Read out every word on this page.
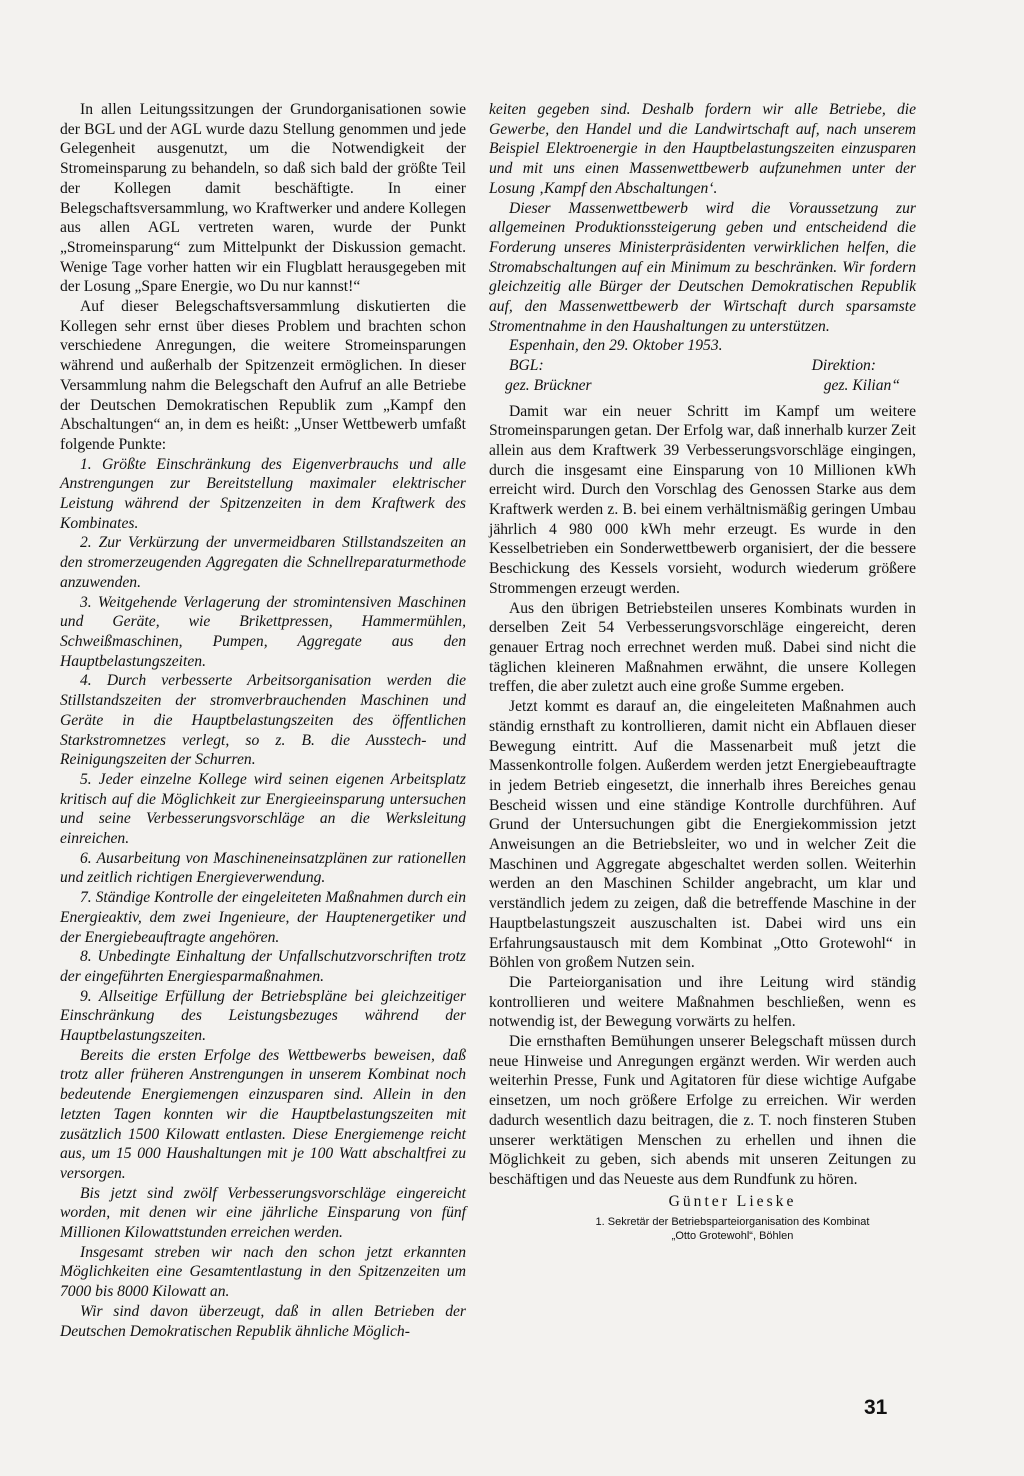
In allen Leitungssitzungen der Grundorganisationen sowie der BGL und der AGL wurde dazu Stellung genommen und jede Gelegenheit ausgenutzt, um die Notwendigkeit der Stromeinsparung zu behandeln, so daß sich bald der größte Teil der Kollegen damit beschäftigte. In einer Belegschaftsversammlung, wo Kraftwerker und andere Kollegen aus allen AGL vertreten waren, wurde der Punkt „Stromeinsparung“ zum Mittelpunkt der Diskussion gemacht. Wenige Tage vorher hatten wir ein Flugblatt herausgegeben mit der Losung „Spare Energie, wo Du nur kannst!“

Auf dieser Belegschaftsversammlung diskutierten die Kollegen sehr ernst über dieses Problem und brachten schon verschiedene Anregungen, die weitere Stromeinsparungen während und außerhalb der Spitzenzeit ermöglichen. In dieser Versammlung nahm die Belegschaft den Aufruf an alle Betriebe der Deutschen Demokratischen Republik zum „Kampf den Abschaltungen“ an, in dem es heißt: „Unser Wettbewerb umfaßt folgende Punkte:

1. Größte Einschränkung des Eigenverbrauchs und alle Anstrengungen zur Bereitstellung maximaler elektrischer Leistung während der Spitzenzeiten in dem Kraftwerk des Kombinates.

2. Zur Verkürzung der unvermeidbaren Stillstandszeiten an den stromerzeugenden Aggregaten die Schnellreparaturmethode anzuwenden.

3. Weitgehende Verlagerung der stromintensiven Maschinen und Geräte, wie Brikettpressen, Hammermühlen, Schweißmaschinen, Pumpen, Aggregate aus den Hauptbelastungszeiten.

4. Durch verbesserte Arbeitsorganisation werden die Stillstandszeiten der stromverbrauchenden Maschinen und Geräte in die Hauptbelastungszeiten des öffentlichen Starkstromnetzes verlegt, so z. B. die Ausstech- und Reinigungszeiten der Schurren.

5. Jeder einzelne Kollege wird seinen eigenen Arbeitsplatz kritisch auf die Möglichkeit zur Energieeinsparung untersuchen und seine Verbesserungsvorschläge an die Werksleitung einreichen.

6. Ausarbeitung von Maschineneinsatzplänen zur rationellen und zeitlich richtigen Energieverwendung.

7. Ständige Kontrolle der eingeleiteten Maßnahmen durch ein Energieaktiv, dem zwei Ingenieure, der Hauptenergetiker und der Energiebeauftragte angehören.

8. Unbedingte Einhaltung der Unfallschutzvorschriften trotz der eingeführten Energiesparmaßnahmen.

9. Allseitige Erfüllung der Betriebspläne bei gleichzeitiger Einschränkung des Leistungsbezuges während der Hauptbelastungszeiten.

Bereits die ersten Erfolge des Wettbewerbs beweisen, daß trotz aller früheren Anstrengungen in unserem Kombinat noch bedeutende Energiemengen einzusparen sind. Allein in den letzten Tagen konnten wir die Hauptbelastungszeiten mit zusätzlich 1500 Kilowatt entlasten. Diese Energiemenge reicht aus, um 15 000 Haushaltungen mit je 100 Watt abschaltfrei zu versorgen.

Bis jetzt sind zwölf Verbesserungsvorschläge eingereicht worden, mit denen wir eine jährliche Einsparung von fünf Millionen Kilowattstunden erreichen werden.

Insgesamt streben wir nach den schon jetzt erkannten Möglichkeiten eine Gesamtentlastung in den Spitzenzeiten um 7000 bis 8000 Kilowatt an.

Wir sind davon überzeugt, daß in allen Betrieben der Deutschen Demokratischen Republik ähnliche Möglich-

keiten gegeben sind. Deshalb fordern wir alle Betriebe, die Gewerbe, den Handel und die Landwirtschaft auf, nach unserem Beispiel Elektroenergie in den Hauptbelastungszeiten einzusparen und mit uns einen Massenwettbewerb aufzunehmen unter der Losung ‚Kampf den Abschaltungen‘.

Dieser Massenwettbewerb wird die Voraussetzung zur allgemeinen Produktionssteigerung geben und entscheidend die Forderung unseres Ministerpräsidenten verwirklichen helfen, die Stromabschaltungen auf ein Minimum zu beschränken. Wir fordern gleichzeitig alle Bürger der Deutschen Demokratischen Republik auf, den Massenwettbewerb der Wirtschaft durch sparsamste Stromentnahme in den Haushaltungen zu unterstützen.

Espenhain, den 29. Oktober 1953.
BGL:	Direktion:
gez. Brückner	gez. Kilian“

Damit war ein neuer Schritt im Kampf um weitere Stromeinsparungen getan. Der Erfolg war, daß innerhalb kurzer Zeit allein aus dem Kraftwerk 39 Verbesserungsvorschläge eingingen, durch die insgesamt eine Einsparung von 10 Millionen kWh erreicht wird. Durch den Vorschlag des Genossen Starke aus dem Kraftwerk werden z. B. bei einem verhältnismäßig geringen Umbau jährlich 4 980 000 kWh mehr erzeugt. Es wurde in den Kesselbetrieben ein Sonderwettbewerb organisiert, der die bessere Beschickung des Kessels vorsieht, wodurch wiederum größere Strommengen erzeugt werden.

Aus den übrigen Betriebsteilen unseres Kombinats wurden in derselben Zeit 54 Verbesserungsvorschläge eingereicht, deren genauer Ertrag noch errechnet werden muß. Dabei sind nicht die täglichen kleineren Maßnahmen erwähnt, die unsere Kollegen treffen, die aber zuletzt auch eine große Summe ergeben.

Jetzt kommt es darauf an, die eingeleiteten Maßnahmen auch ständig ernsthaft zu kontrollieren, damit nicht ein Abflauen dieser Bewegung eintritt. Auf die Massenarbeit muß jetzt die Massenkontrolle folgen. Außerdem werden jetzt Energiebeauftragte in jedem Betrieb eingesetzt, die innerhalb ihres Bereiches genau Bescheid wissen und eine ständige Kontrolle durchführen. Auf Grund der Untersuchungen gibt die Energiekommission jetzt Anweisungen an die Betriebsleiter, wo und in welcher Zeit die Maschinen und Aggregate abgeschaltet werden sollen. Weiterhin werden an den Maschinen Schilder angebracht, um klar und verständlich jedem zu zeigen, daß die betreffende Maschine in der Hauptbelastungszeit auszuschalten ist. Dabei wird uns ein Erfahrungsaustausch mit dem Kombinat „Otto Grotewohl“ in Böhlen von großem Nutzen sein.

Die Parteiorganisation und ihre Leitung wird ständig kontrollieren und weitere Maßnahmen beschließen, wenn es notwendig ist, der Bewegung vorwärts zu helfen.

Die ernsthaften Bemühungen unserer Belegschaft müssen durch neue Hinweise und Anregungen ergänzt werden. Wir werden auch weiterhin Presse, Funk und Agitatoren für diese wichtige Aufgabe einsetzen, um noch größere Erfolge zu erreichen. Wir werden dadurch wesentlich dazu beitragen, die z. T. noch finsteren Stuben unserer werktätigen Menschen zu erhellen und ihnen die Möglichkeit zu geben, sich abends mit unseren Zeitungen zu beschäftigen und das Neueste aus dem Rundfunk zu hören.

Günter Lieske
1. Sekretär der Betriebsparteiorganisation des Kombinat
„Otto Grotewohl“, Böhlen
31
